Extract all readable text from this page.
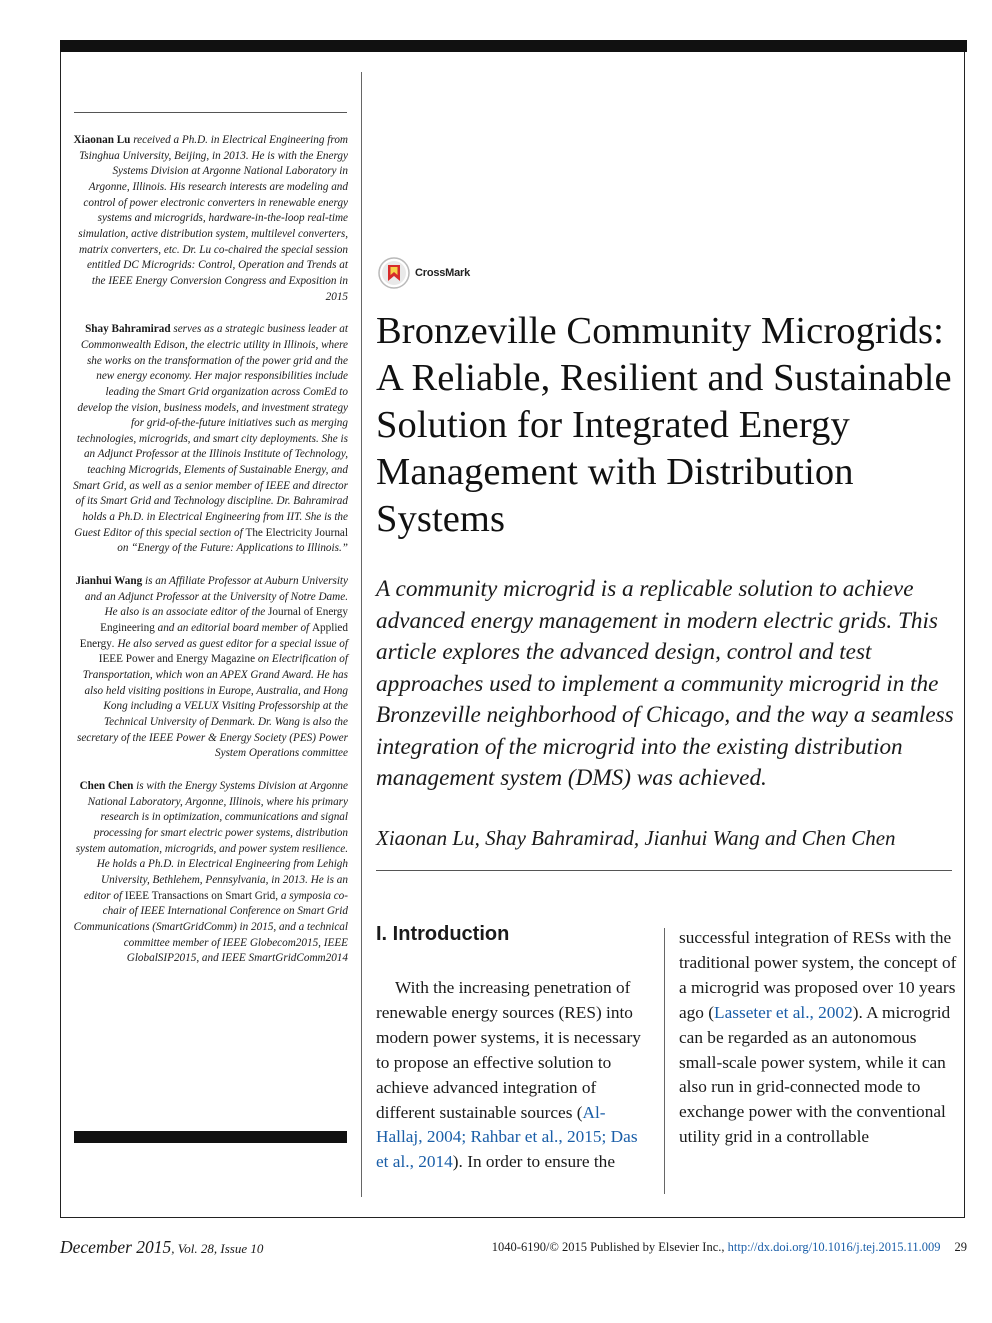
Xiaonan Lu received a Ph.D. in Electrical Engineering from Tsinghua University, Beijing, in 2013. He is with the Energy Systems Division at Argonne National Laboratory in Argonne, Illinois. His research interests are modeling and control of power electronic converters in renewable energy systems and microgrids, hardware-in-the-loop real-time simulation, active distribution system, multilevel converters, matrix converters, etc. Dr. Lu co-chaired the special session entitled DC Microgrids: Control, Operation and Trends at the IEEE Energy Conversion Congress and Exposition in 2015

Shay Bahramirad serves as a strategic business leader at Commonwealth Edison, the electric utility in Illinois, where she works on the transformation of the power grid and the new energy economy. Her major responsibilities include leading the Smart Grid organization across ComEd to develop the vision, business models, and investment strategy for grid-of-the-future initiatives such as merging technologies, microgrids, and smart city deployments. She is an Adjunct Professor at the Illinois Institute of Technology, teaching Microgrids, Elements of Sustainable Energy, and Smart Grid, as well as a senior member of IEEE and director of its Smart Grid and Technology discipline. Dr. Bahramirad holds a Ph.D. in Electrical Engineering from IIT. She is the Guest Editor of this special section of The Electricity Journal on ‘‘Energy of the Future: Applications to Illinois.”

Jianhui Wang is an Affiliate Professor at Auburn University and an Adjunct Professor at the University of Notre Dame. He also is an associate editor of the Journal of Energy Engineering and an editorial board member of Applied Energy. He also served as guest editor for a special issue of IEEE Power and Energy Magazine on Electrification of Transportation, which won an APEX Grand Award. He has also held visiting positions in Europe, Australia, and Hong Kong including a VELUX Visiting Professorship at the Technical University of Denmark. Dr. Wang is also the secretary of the IEEE Power & Energy Society (PES) Power System Operations committee

Chen Chen is with the Energy Systems Division at Argonne National Laboratory, Argonne, Illinois, where his primary research is in optimization, communications and signal processing for smart electric power systems, distribution system automation, microgrids, and power system resilience. He holds a Ph.D. in Electrical Engineering from Lehigh University, Bethlehem, Pennsylvania, in 2013. He is an editor of IEEE Transactions on Smart Grid, a symposia co-chair of IEEE International Conference on Smart Grid Communications (SmartGridComm) in 2015, and a technical committee member of IEEE Globecom2015, IEEE GlobalSIP2015, and IEEE SmartGridComm2014

CrossMark
Bronzeville Community Microgrids: A Reliable, Resilient and Sustainable Solution for Integrated Energy Management with Distribution Systems

A community microgrid is a replicable solution to achieve advanced energy management in modern electric grids. This article explores the advanced design, control and test approaches used to implement a community microgrid in the Bronzeville neighborhood of Chicago, and the way a seamless integration of the microgrid into the existing distribution management system (DMS) was achieved.

Xiaonan Lu, Shay Bahramirad, Jianhui Wang and Chen Chen

I. Introduction
With the increasing penetration of renewable energy sources (RES) into modern power systems, it is necessary to propose an effective solution to achieve advanced integration of different sustainable sources (Al-Hallaj, 2004; Rahbar et al., 2015; Das et al., 2014). In order to ensure the
successful integration of RESs with the traditional power system, the concept of a microgrid was proposed over 10 years ago (Lasseter et al., 2002). A microgrid can be regarded as an autonomous small-scale power system, while it can also run in grid-connected mode to exchange power with the conventional utility grid in a controllable
December 2015, Vol. 28, Issue 10	1040-6190/© 2015 Published by Elsevier Inc., http://dx.doi.org/10.1016/j.tej.2015.11.009 29
